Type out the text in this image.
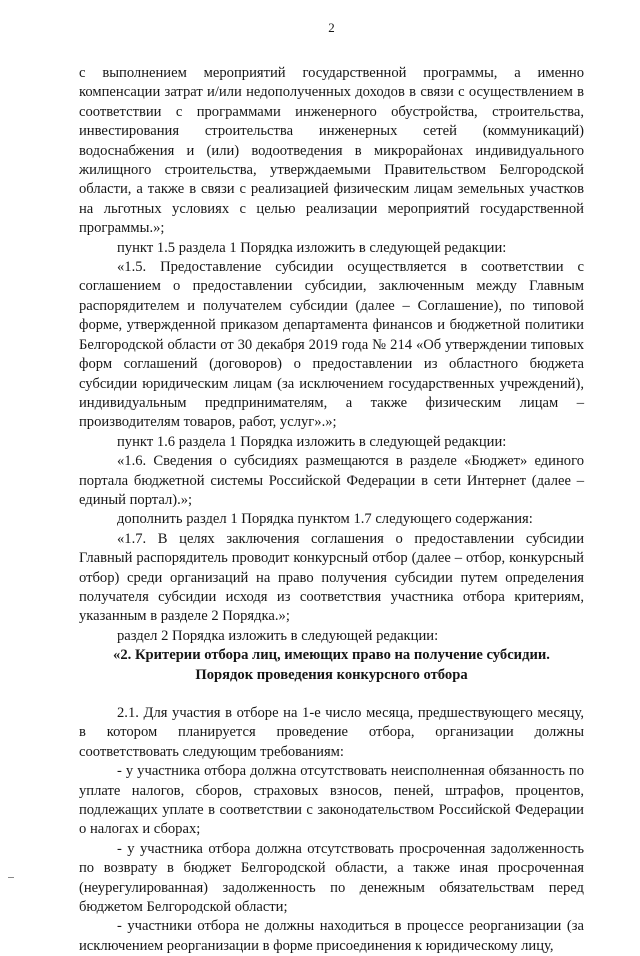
2

с выполнением мероприятий государственной программы, а именно компенсации затрат и/или недополученных доходов в связи с осуществлением в соответствии с программами инженерного обустройства, строительства, инвестирования строительства инженерных сетей (коммуникаций) водоснабжения и (или) водоотведения в микрорайонах индивидуального жилищного строительства, утверждаемыми Правительством Белгородской области, а также в связи с реализацией физическим лицам земельных участков на льготных условиях с целью реализации мероприятий государственной программы.»;

пункт 1.5 раздела 1 Порядка изложить в следующей редакции:

«1.5. Предоставление субсидии осуществляется в соответствии с соглашением о предоставлении субсидии, заключенным между Главным распорядителем и получателем субсидии (далее – Соглашение), по типовой форме, утвержденной приказом департамента финансов и бюджетной политики Белгородской области от 30 декабря 2019 года № 214 «Об утверждении типовых форм соглашений (договоров) о предоставлении из областного бюджета субсидии юридическим лицам (за исключением государственных учреждений), индивидуальным предпринимателям, а также физическим лицам – производителям товаров, работ, услуг».»;

пункт 1.6 раздела 1 Порядка изложить в следующей редакции:

«1.6. Сведения о субсидиях размещаются в разделе «Бюджет» единого портала бюджетной системы Российской Федерации в сети Интернет (далее – единый портал).»;

дополнить раздел 1 Порядка пунктом 1.7 следующего содержания:

«1.7. В целях заключения соглашения о предоставлении субсидии Главный распорядитель проводит конкурсный отбор (далее – отбор, конкурсный отбор) среди организаций на право получения субсидии путем определения получателя субсидии исходя из соответствия участника отбора критериям, указанным в разделе 2 Порядка.»;

раздел 2 Порядка изложить в следующей редакции:

«2. Критерии отбора лиц, имеющих право на получение субсидии.

Порядок проведения конкурсного отбора

2.1. Для участия в отборе на 1-е число месяца, предшествующего месяцу, в котором планируется проведение отбора, организации должны соответствовать следующим требованиям:

- у участника отбора должна отсутствовать неисполненная обязанность по уплате налогов, сборов, страховых взносов, пеней, штрафов, процентов, подлежащих уплате в соответствии с законодательством Российской Федерации о налогах и сборах;

- у участника отбора должна отсутствовать просроченная задолженность по возврату в бюджет Белгородской области, а также иная просроченная (неурегулированная) задолженность по денежным обязательствам перед бюджетом Белгородской области;

- участники отбора не должны находиться в процессе реорганизации (за исключением реорганизации в форме присоединения к юридическому лицу,
